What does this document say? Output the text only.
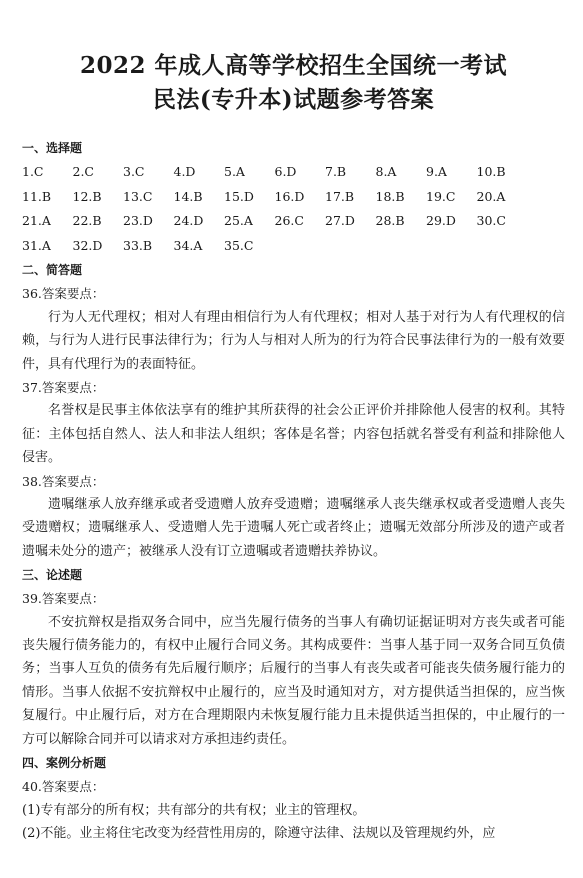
2022 年成人高等学校招生全国统一考试
民法(专升本)试题参考答案
一、选择题
1.C	2.C	3.C	4.D	5.A	6.D	7.B	8.A	9.A	10.B
11.B	12.B	13.C	14.B	15.D	16.D	17.B	18.B	19.C	20.A
21.A	22.B	23.D	24.D	25.A	26.C	27.D	28.B	29.D	30.C
31.A	32.D	33.B	34.A	35.C
二、简答题

36.答案要点：

行为人无代理权；相对人有理由相信行为人有代理权；相对人基于对行为人有代理权的信赖，与行为人进行民事法律行为；行为人与相对人所为的行为符合民事法律行为的一般有效要件，具有代理行为的表面特征。

37.答案要点：

名誉权是民事主体依法享有的维护其所获得的社会公正评价并排除他人侵害的权利。其特征：主体包括自然人、法人和非法人组织；客体是名誉；内容包括就名誉受有利益和排除他人侵害。

38.答案要点：

遗嘱继承人放弃继承或者受遗赠人放弃受遗赠；遗嘱继承人丧失继承权或者受遗赠人丧失受遗赠权；遗嘱继承人、受遗赠人先于遗嘱人死亡或者终止；遗嘱无效部分所涉及的遗产或者遗嘱未处分的遗产；被继承人没有订立遗嘱或者遗赠扶养协议。

三、论述题

39.答案要点：

不安抗辩权是指双务合同中，应当先履行债务的当事人有确切证据证明对方丧失或者可能丧失履行债务能力的，有权中止履行合同义务。其构成要件：当事人基于同一双务合同互负债务；当事人互负的债务有先后履行顺序；后履行的当事人有丧失或者可能丧失债务履行能力的情形。当事人依据不安抗辩权中止履行的，应当及时通知对方，对方提供适当担保的，应当恢复履行。中止履行后，对方在合理期限内未恢复履行能力且未提供适当担保的，中止履行的一方可以解除合同并可以请求对方承担违约责任。

四、案例分析题

40.答案要点：

(1)专有部分的所有权；共有部分的共有权；业主的管理权。

(2)不能。业主将住宅改变为经营性用房的，除遵守法律、法规以及管理规约外，应
